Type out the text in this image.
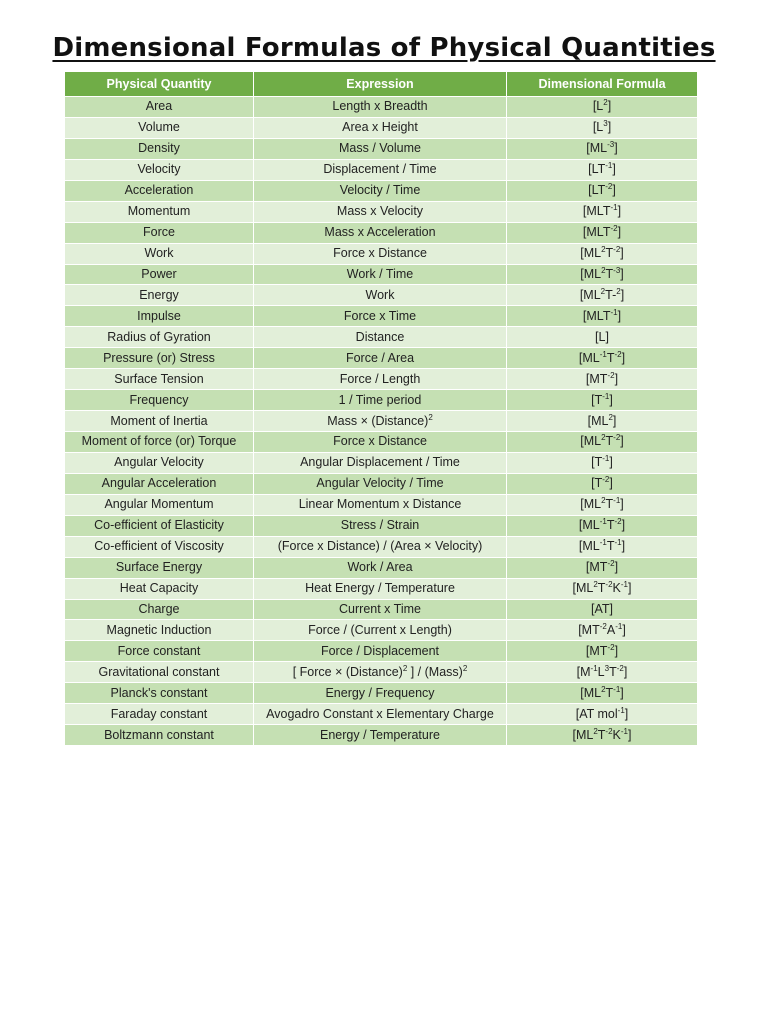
Dimensional Formulas of Physical Quantities
Physical Quantity	Expression	Dimensional Formula
Area	Length x Breadth	$[L^2]$
Volume	Area x Height	$[L^3]$
Density	Mass / Volume	$[ML^{-3}]$
Velocity	Displacement / Time	$[LT^{-1}]$
Acceleration	Velocity / Time	$[LT^{-2}]$
Momentum	Mass x Velocity	$[MLT^{-1}]$
Force	Mass x Acceleration	$[MLT^{-2}]$
Work	Force x Distance	$[ML^2T^{-2}]$
Power	Work / Time	$[ML^2T^{-3}]$
Energy	Work	$[ML^2T-^2]$
Impulse	Force x Time	$[MLT^{-1}]$
Radius of Gyration	Distance	[L]
Pressure (or) Stress	Force / Area	$[ML^{-1}T^{-2}]$
Surface Tension	Force / Length	$[MT^{-2}]$
Frequency	1 / Time period	$[T^{-1}]$
Moment of Inertia	Mass × (Distance)$^2$	$[ML^2]$
Moment of force (or) Torque	Force x Distance	$[ML^2T^{-2}]$
Angular Velocity	Angular Displacement / Time	$[T^{-1}]$
Angular Acceleration	Angular Velocity / Time	$[T^{-2}]$
Angular Momentum	Linear Momentum x Distance	$[ML^2T^{-1}]$
Co-efficient of Elasticity	Stress / Strain	$[ML^{-1}T^{-2}]$
Co-efficient of Viscosity	(Force x Distance) / (Area × Velocity)	$[ML^{-1}T^{-1}]$
Surface Energy	Work / Area	$[MT^{-2}]$
Heat Capacity	Heat Energy / Temperature	$[ML^2T^{-2}K^{-1}]$
Charge	Current x Time	[AT]
Magnetic Induction	Force / (Current x Length)	$[MT^{-2}A^{-1}]$
Force constant	Force / Displacement	$[MT^{-2}]$
Gravitational constant	[ Force × (Distance)$^2$ ] / (Mass)$^2$	$[M^{-1}L^3T^{-2}]$
Planck's constant	Energy / Frequency	$[ML^2T^{-1}]$
Faraday constant	Avogadro Constant x Elementary Charge	[AT mol$^{-1}$]
Boltzmann constant	Energy / Temperature	$[ML^2T^{-2}K^{-1}]$
